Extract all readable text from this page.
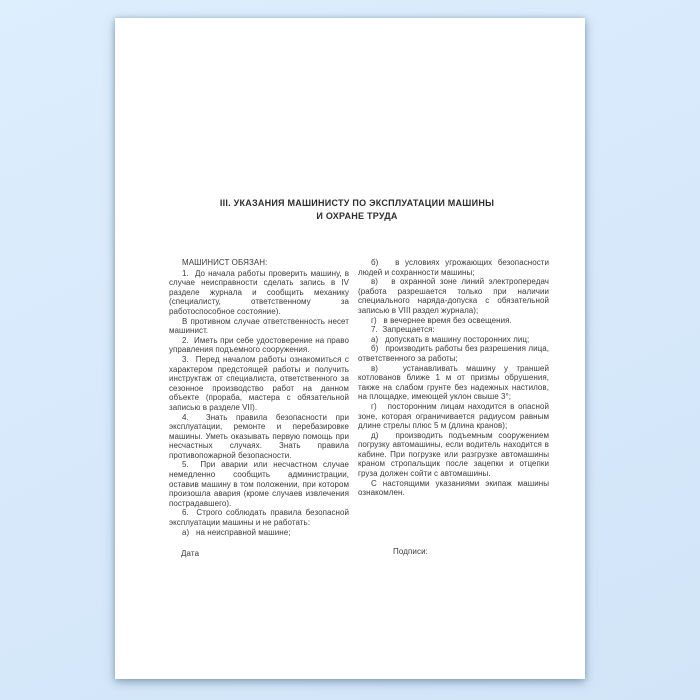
III. УКАЗАНИЯ МАШИНИСТУ ПО ЭКСПЛУАТАЦИИ МАШИНЫ
И ОХРАНЕ ТРУДА
МАШИНИСТ ОБЯЗАН:

1.  До начала работы проверить машину, в случае неисправности сделать запись в IV разделе журнала и сообщить механику (специалисту, ответственному за работоспособное состояние).

В противном случае ответственность несет машинист.

2.  Иметь при себе удостоверение на право управления подъемного сооружения.

3.  Перед началом работы ознакомиться с характером предстоящей работы и получить инструктаж от специалиста, ответственного за сезонное производство работ на данном объекте (прораба, мастера с обязательной записью в разделе VII).

4.  Знать правила безопасности при эксплуатации, ремонте и перебазировке машины. Уметь оказывать первую помощь при несчастных случаях. Знать правила противопожарной безопасности.

5.  При аварии или несчастном случае немедленно сообщить администрации, оставив машину в том положении, при котором произошла авария (кроме случаев извлечения пострадавшего).

6.  Строго соблюдать правила безопасной эксплуатации машины и не работать:

а)   на неисправной машине;

б)   в условиях угрожающих безопасности людей и сохранности машины;

в)   в охранной зоне линий электропередач (работа разрешается только при наличии специального наряда-допуска с обязательной записью в VIII раздел журнала);

г)   в вечернее время без освещения.

7.  Запрещается:

а)   допускать в машину посторонних лиц;

б)   производить работы без разрешения лица, ответственного за работы;

в)   устанавливать машину у траншей котлованов ближе 1 м от призмы обрушения, также на слабом грунте без надежных настилов, на площадке, имеющей уклон свыше 3°;

г)   посторонним лицам находится в опасной зоне, которая ограничивается радиусом равным длине стрелы плюс 5 м (длина кранов);

д)   производить подъемным сооружением погрузку автомашины, если водитель находится в кабине. При погрузке или разгрузке автомашины краном стропальщик после зацепки и отцепки груза должен сойти с автомашины.

С настоящими указаниями экипаж машины ознакомлен.

Дата	Подписи:
